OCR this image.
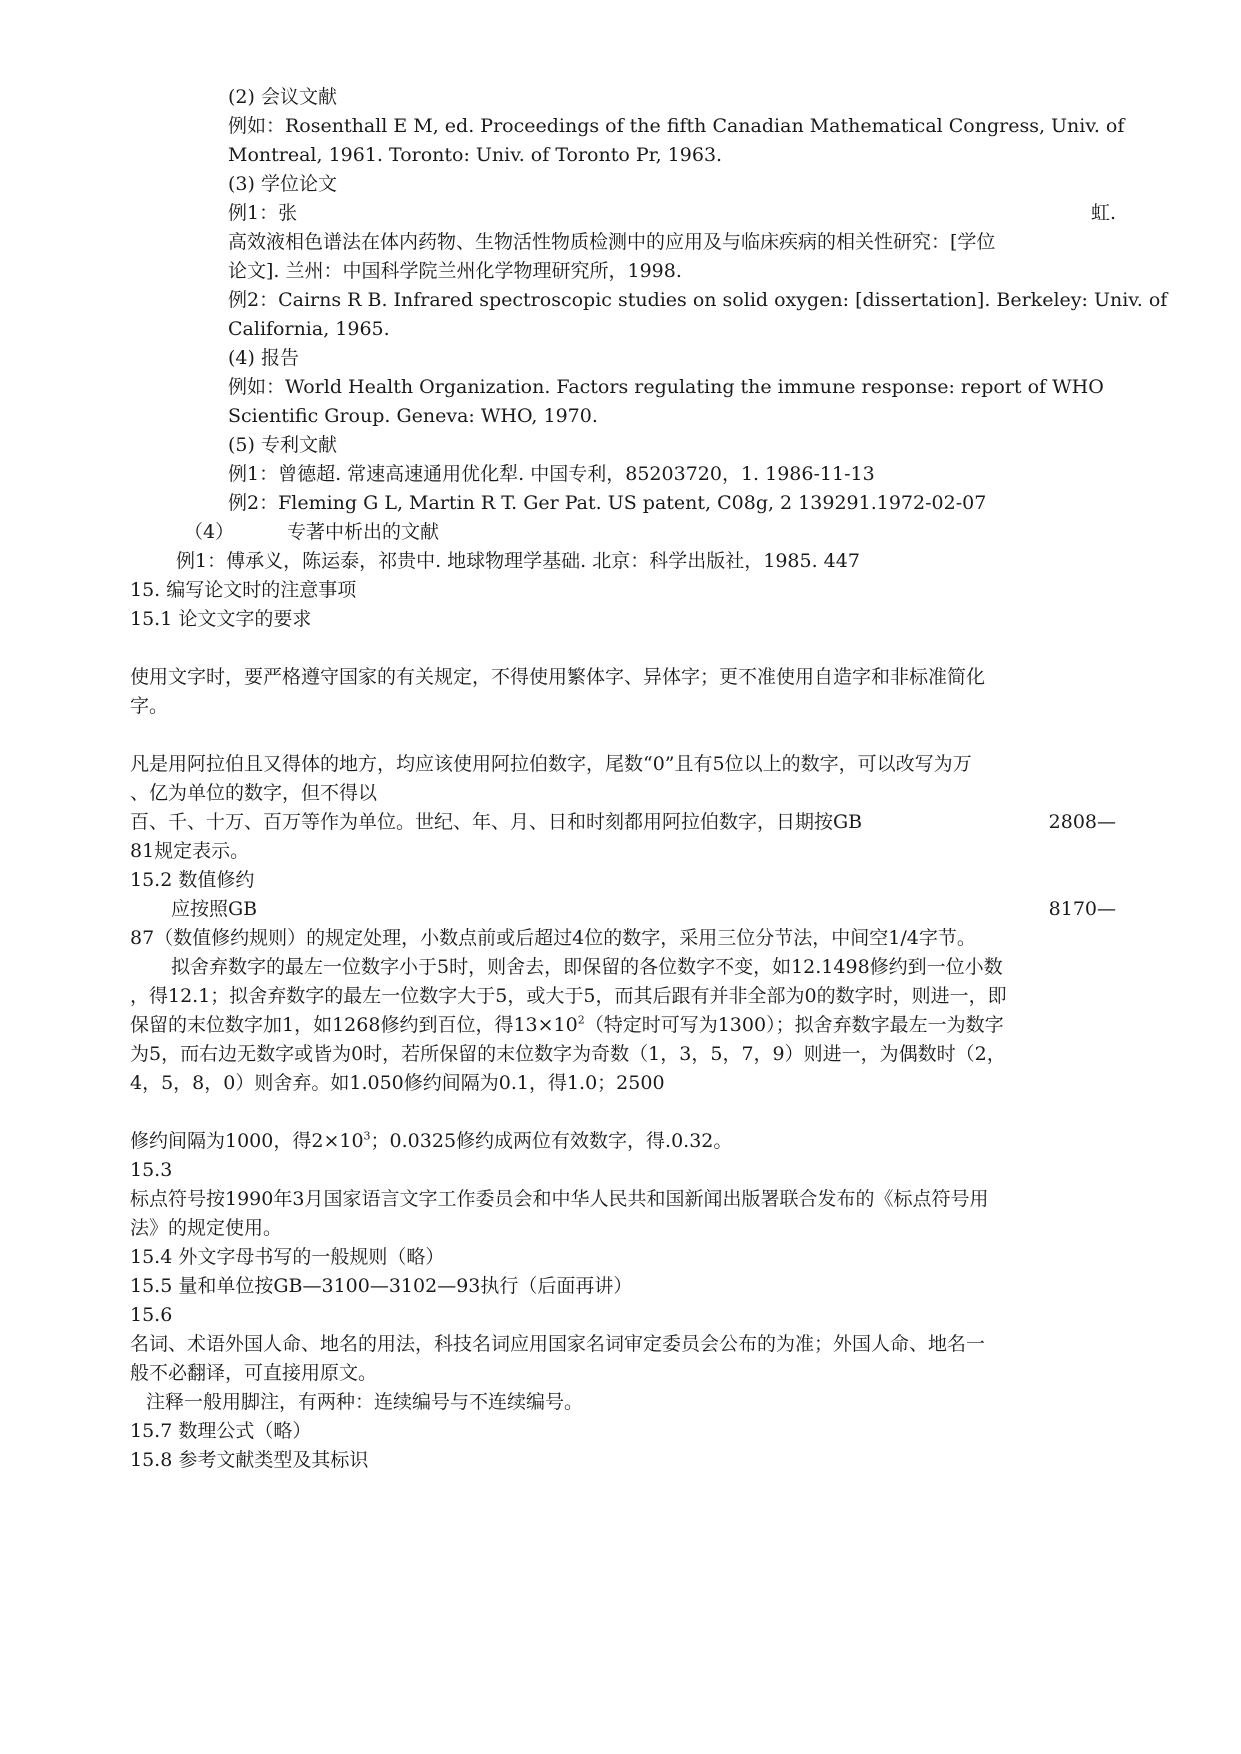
(2) 会议文献
例如：Rosenthall E M, ed. Proceedings of the fifth Canadian Mathematical Congress, Univ. of
Montreal, 1961. Toronto: Univ. of Toronto Pr, 1963.
(3) 学位论文
例1：张	虹.
高效液相色谱法在体内药物、生物活性物质检测中的应用及与临床疾病的相关性研究：[学位
论文]. 兰州：中国科学院兰州化学物理研究所，1998.
例2：Cairns R B. Infrared spectroscopic studies on solid oxygen: [dissertation]. Berkeley: Univ. of
California, 1965.
(4) 报告
例如：World Health Organization. Factors regulating the immune response: report of WHO
Scientific Group. Geneva: WHO, 1970.
(5) 专利文献
例1：曾德超. 常速高速通用优化犁. 中国专利，85203720，1. 1986-11-13
例2：Fleming G L, Martin R T. Ger Pat. US patent, C08g, 2 139291.1972-02-07
（4）	专著中析出的文献
例1：傅承义，陈运泰，祁贵中. 地球物理学基础. 北京：科学出版社，1985. 447
15. 编写论文时的注意事项
15.1 论文文字的要求
使用文字时，要严格遵守国家的有关规定，不得使用繁体字、异体字；更不准使用自造字和非标准简化
字。
凡是用阿拉伯且又得体的地方，均应该使用阿拉伯数字，尾数“0”且有5位以上的数字，可以改写为万
、亿为单位的数字，但不得以
百、千、十万、百万等作为单位。世纪、年、月、日和时刻都用阿拉伯数字，日期按GB	2808—
81规定表示。
15.2 数值修约
应按照GB	8170—
87（数值修约规则）的规定处理，小数点前或后超过4位的数字，采用三位分节法，中间空1/4字节。
拟舍弃数字的最左一位数字小于5时，则舍去，即保留的各位数字不变，如12.1498修约到一位小数
，得12.1；拟舍弃数字的最左一位数字大于5，或大于5，而其后跟有并非全部为0的数字时，则进一，即
保留的末位数字加1，如1268修约到百位，得$13\times 10^2$（特定时可写为1300）；拟舍弃数字最左一为数字
为5，而右边无数字或皆为0时，若所保留的末位数字为奇数（1，3，5，7，9）则进一，为偶数时（2，
4，5，8，0）则舍弃。如1.050修约间隔为0.1，得1.0；2500
修约间隔为1000，得$2\times 10^3$；0.0325修约成两位有效数字，得.0.32。
15.3
标点符号按1990年3月国家语言文字工作委员会和中华人民共和国新闻出版署联合发布的《标点符号用
法》的规定使用。
15.4 外文字母书写的一般规则（略）
15.5 量和单位按GB—3100—3102—93执行（后面再讲）
15.6
名词、术语外国人命、地名的用法，科技名词应用国家名词审定委员会公布的为准；外国人命、地名一
般不必翻译，可直接用原文。
注释一般用脚注，有两种：连续编号与不连续编号。
15.7 数理公式（略）
15.8 参考文献类型及其标识
